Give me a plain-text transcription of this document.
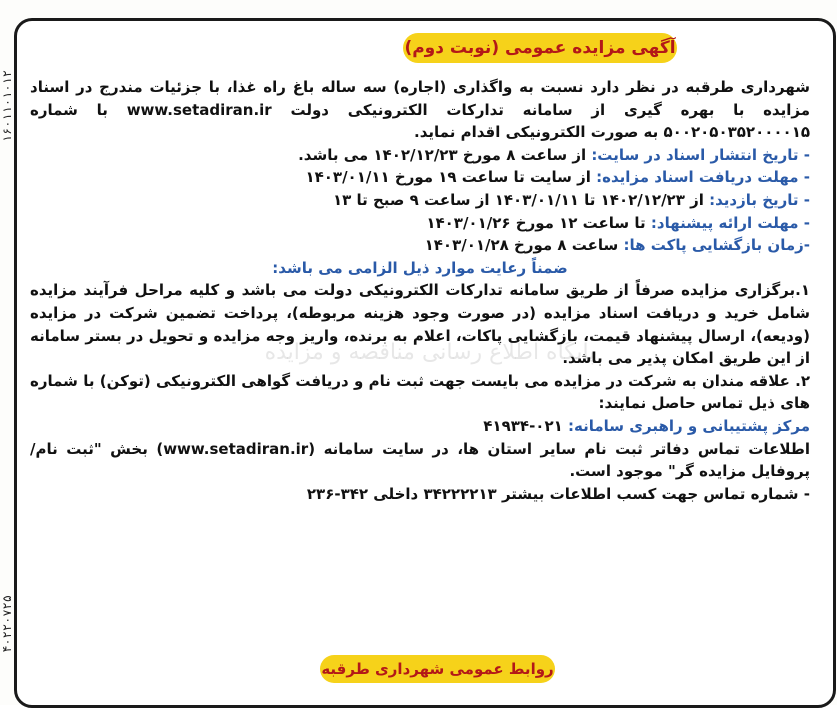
۱۶۰۱۱۰۱۰۱۲
۴۰۲۲۰۷۲۵
آگهی مزایده عمومی (نوبت دوم)

شهرداری طرقبه در نظر دارد نسبت به واگذاری (اجاره) سه ساله باغ راه غذا، با جزئیات مندرج در اسناد مزایده با بهره گیری از سامانه تدارکات الکترونیکی دولت www.setadiran.ir با شماره ۵۰۰۲۰۵۰۳۵۲۰۰۰۰۱۵ به صورت الکترونیکی اقدام نماید.

- تاریخ انتشار اسناد در سایت: از ساعت ۸ مورخ ۱۴۰۲/۱۲/۲۳ می باشد.

- مهلت دریافت اسناد مزایده: از سایت تا ساعت ۱۹ مورخ ۱۴۰۳/۰۱/۱۱

- تاریخ بازدید: از ۱۴۰۲/۱۲/۲۳ تا ۱۴۰۳/۰۱/۱۱ از ساعت ۹ صبح تا ۱۳

- مهلت ارائه پیشنهاد: تا ساعت ۱۲ مورخ ۱۴۰۳/۰۱/۲۶

-زمان بازگشایی پاکت ها: ساعت ۸ مورخ ۱۴۰۳/۰۱/۲۸

ضمناً رعایت موارد ذیل الزامی می باشد:

۱.برگزاری مزایده صرفاً از طریق سامانه تدارکات الکترونیکی دولت می باشد و کلیه مراحل فرآیند مزایده شامل خرید و دریافت اسناد مزایده (در صورت وجود هزینه مربوطه)، پرداخت تضمین شرکت در مزایده (ودیعه)، ارسال پیشنهاد قیمت، بازگشایی پاکات، اعلام به برنده، واریز وجه مزایده و تحویل در بستر سامانه از این طریق امکان پذیر می باشد.

۲. علاقه مندان به شرکت در مزایده می بایست جهت ثبت نام و دریافت گواهی الکترونیکی (توکن) با شماره های ذیل تماس حاصل نمایند:

مرکز پشتیبانی و راهبری سامانه: ۰۲۱-۴۱۹۳۴

اطلاعات تماس دفاتر ثبت نام سایر استان ها، در سایت سامانه (www.setadiran.ir) بخش "ثبت نام/پروفایل مزایده گر" موجود است.

- شماره تماس جهت کسب اطلاعات بیشتر ۳۴۲۲۲۲۱۳ داخلی ۳۴۲-۲۳۶

روابط عمومی شهرداری طرقبه
